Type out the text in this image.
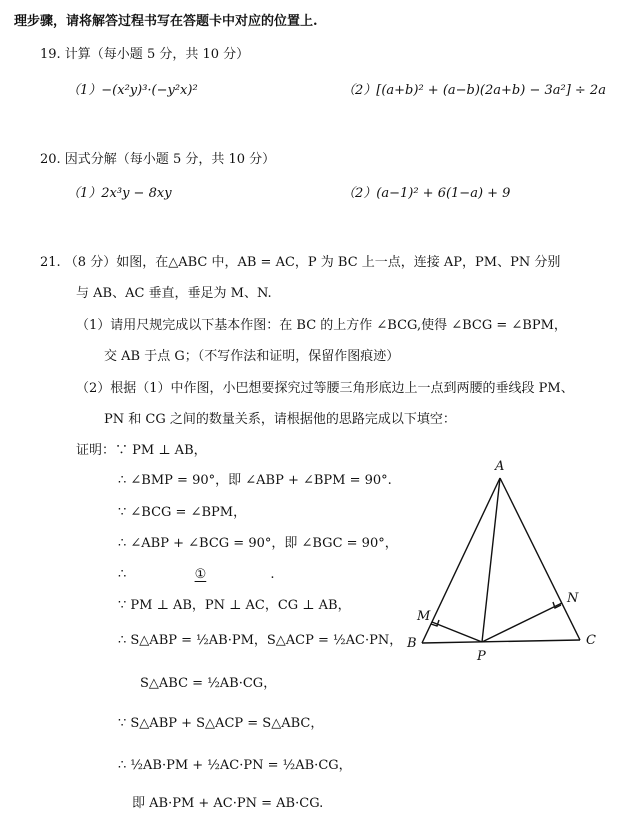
理步骤，请将解答过程书写在答题卡中对应的位置上.
19. 计算（每小题 5 分，共 10 分）
（1）−(x²y)³·(−y²x)²	（2）[(a+b)² + (a−b)(2a+b) − 3a²] ÷ 2a
20. 因式分解（每小题 5 分，共 10 分）
（1）2x³y − 8xy	（2）(a−1)² + 6(1−a) + 9
21. （8 分）如图，在△ABC 中，AB = AC，P 为 BC 上一点，连接 AP，PM、PN 分别
与 AB、AC 垂直，垂足为 M、N.
（1）请用尺规完成以下基本作图：在 BC 的上方作 ∠BCG,使得 ∠BCG = ∠BPM，
交 AB 于点 G；（不写作法和证明，保留作图痕迹）
（2）根据（1）中作图，小巴想要探究过等腰三角形底边上一点到两腰的垂线段 PM、
PN 和 CG 之间的数量关系，请根据他的思路完成以下填空：
证明：∵ PM ⊥ AB，
∴ ∠BMP = 90°，即 ∠ABP + ∠BPM = 90°.
∵ ∠BCG = ∠BPM，
∴ ∠ABP + ∠BCG = 90°，即 ∠BGC = 90°，
∴	①	.
∵ PM ⊥ AB，PN ⊥ AC，CG ⊥ AB，
∴ S△ABP = ½AB·PM，S△ACP = ½AC·PN，
S△ABC = ½AB·CG，
∵ S△ABP + S△ACP = S△ABC，
∴ ½AB·PM + ½AC·PN = ½AB·CG，
即 AB·PM + AC·PN = AB·CG.
A
B	C
M
N
P
